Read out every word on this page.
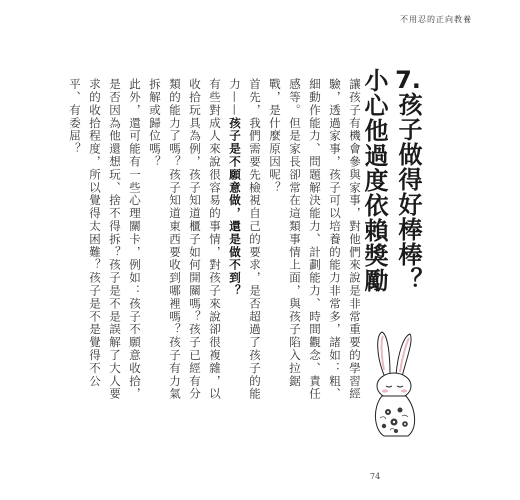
不用忍的正向教養
7.孩子做得好棒棒？
小心他過度依賴獎勵

讓孩子有機會參與家事，對他們來說是非常重要的學習經驗，透過家事，孩子可以培養的能力非常多，諸如：粗、細動作能力、問題解決能力、計劃能力、時間觀念、責任感等。但是家長卻常在這類事情上面，與孩子陷入拉鋸戰，是什麼原因呢？

首先，我們需要先檢視自己的要求，是否超過了孩子的能力——孩子是不願意做，還是做不到？

有些對成人來說很容易的事情，對孩子來說卻很複雜，以收拾玩具為例，孩子知道櫃子如何開關嗎？孩子已經有分類的能力了嗎？孩子知道東西要收到哪裡嗎？孩子有力氣拆解或歸位嗎？

此外，還可能有一些心理關卡，例如：孩子不願意收拾，是否因為他還想玩、捨不得拆？孩子是不是誤解了大人要求的收拾程度，所以覺得太困難？孩子是不是覺得不公平、有委屈？

74
